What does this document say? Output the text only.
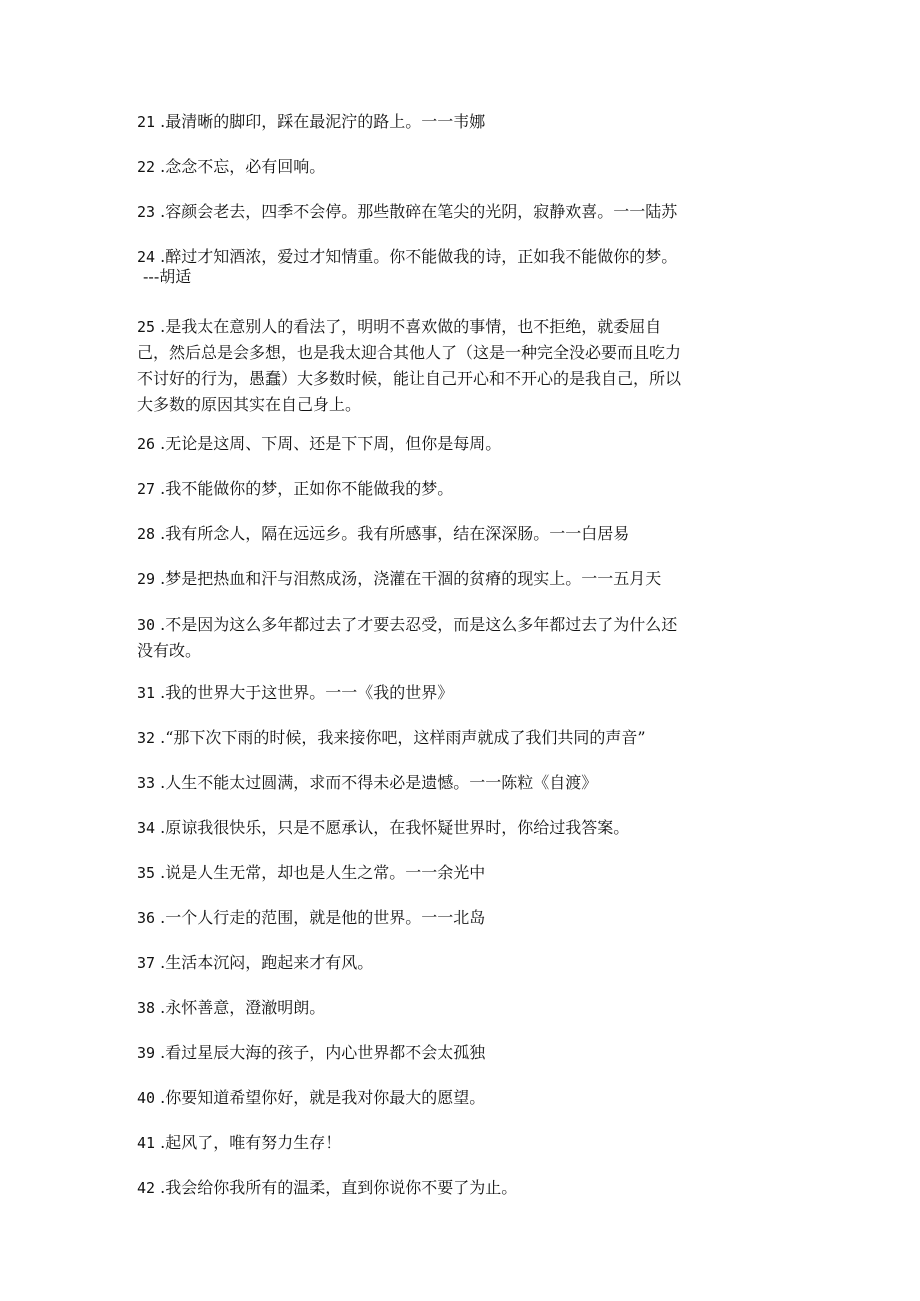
21 .最清晰的脚印，踩在最泥泞的路上。一一韦娜
22 .念念不忘，必有回响。
23 .容颜会老去，四季不会停。那些散碎在笔尖的光阴，寂静欢喜。一一陆苏
24 .醉过才知酒浓，爱过才知情重。你不能做我的诗，正如我不能做你的梦。
---胡适
25 .是我太在意别人的看法了，明明不喜欢做的事情，也不拒绝，就委屈自
己，然后总是会多想，也是我太迎合其他人了（这是一种完全没必要而且吃力
不讨好的行为，愚蠢）大多数时候，能让自己开心和不开心的是我自己，所以
大多数的原因其实在自己身上。
26 .无论是这周、下周、还是下下周，但你是每周。
27 .我不能做你的梦，正如你不能做我的梦。
28 .我有所念人，隔在远远乡。我有所感事，结在深深肠。一一白居易
29 .梦是把热血和汗与泪熬成汤，浇灌在干涸的贫瘠的现实上。一一五月天
30 .不是因为这么多年都过去了才要去忍受，而是这么多年都过去了为什么还
没有改。
31 .我的世界大于这世界。一一《我的世界》
32 .“那下次下雨的时候，我来接你吧，这样雨声就成了我们共同的声音”
33 .人生不能太过圆满，求而不得未必是遗憾。一一陈粒《自渡》
34 .原谅我很快乐，只是不愿承认，在我怀疑世界时，你给过我答案。
35 .说是人生无常，却也是人生之常。一一余光中
36 .一个人行走的范围，就是他的世界。一一北岛
37 .生活本沉闷，跑起来才有风。
38 .永怀善意，澄澈明朗。
39 .看过星辰大海的孩子，内心世界都不会太孤独
40 .你要知道希望你好，就是我对你最大的愿望。
41 .起风了，唯有努力生存！
42 .我会给你我所有的温柔，直到你说你不要了为止。
